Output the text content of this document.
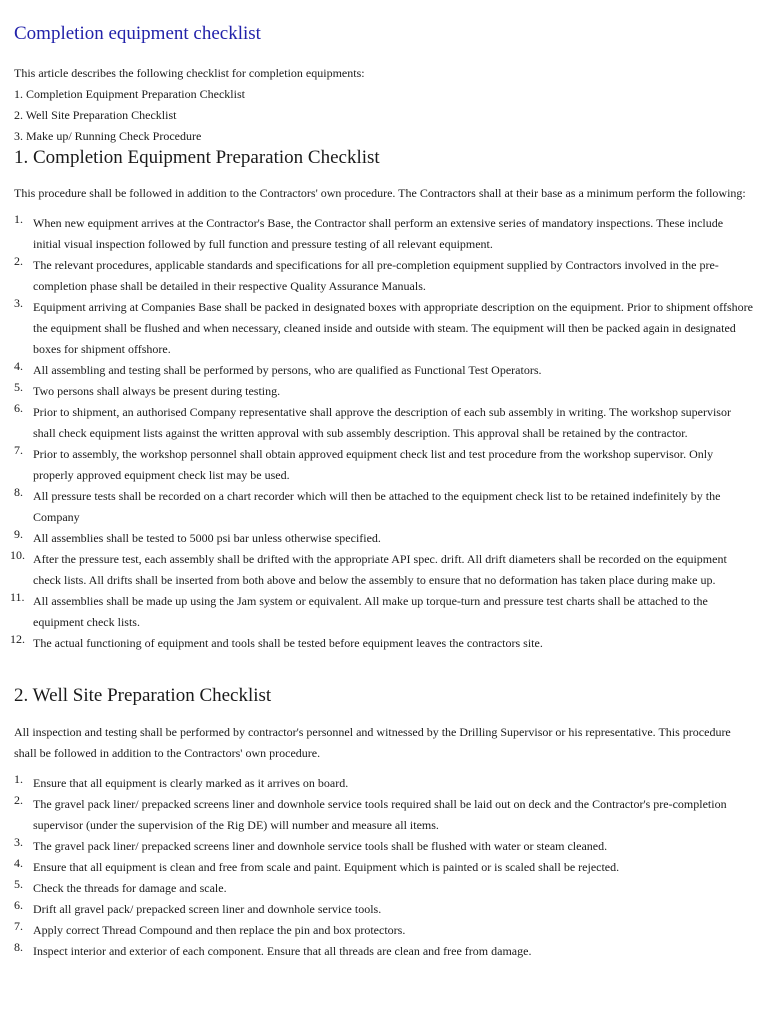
Completion equipment checklist

This article describes the following checklist for completion equipments:

1. Completion Equipment Preparation Checklist

2. Well Site Preparation Checklist

3. Make up/ Running Check Procedure

1. Completion Equipment Preparation Checklist

This procedure shall be followed in addition to the Contractors' own procedure. The Contractors shall at their base as a minimum perform the following:

1. When new equipment arrives at the Contractor's Base, the Contractor shall perform an extensive series of mandatory inspections. These include initial visual inspection followed by full function and pressure testing of all relevant equipment.
2. The relevant procedures, applicable standards and specifications for all pre-completion equipment supplied by Contractors involved in the pre-completion phase shall be detailed in their respective Quality Assurance Manuals.
3. Equipment arriving at Companies Base shall be packed in designated boxes with appropriate description on the equipment. Prior to shipment offshore the equipment shall be flushed and when necessary, cleaned inside and outside with steam. The equipment will then be packed again in designated boxes for shipment offshore.
4. All assembling and testing shall be performed by persons, who are qualified as Functional Test Operators.
5. Two persons shall always be present during testing.
6. Prior to shipment, an authorised Company representative shall approve the description of each sub assembly in writing. The workshop supervisor shall check equipment lists against the written approval with sub assembly description. This approval shall be retained by the contractor.
7. Prior to assembly, the workshop personnel shall obtain approved equipment check list and test procedure from the workshop supervisor. Only properly approved equipment check list may be used.
8. All pressure tests shall be recorded on a chart recorder which will then be attached to the equipment check list to be retained indefinitely by the Company
9. All assemblies shall be tested to 5000 psi bar unless otherwise specified.
10. After the pressure test, each assembly shall be drifted with the appropriate API spec. drift. All drift diameters shall be recorded on the equipment check lists. All drifts shall be inserted from both above and below the assembly to ensure that no deformation has taken place during make up.
11. All assemblies shall be made up using the Jam system or equivalent. All make up torque-turn and pressure test charts shall be attached to the equipment check lists.
12. The actual functioning of equipment and tools shall be tested before equipment leaves the contractors site.
2. Well Site Preparation Checklist

All inspection and testing shall be performed by contractor's personnel and witnessed by the Drilling Supervisor or his representative. This procedure shall be followed in addition to the Contractors' own procedure.

1. Ensure that all equipment is clearly marked as it arrives on board.
2. The gravel pack liner/ prepacked screens liner and downhole service tools required shall be laid out on deck and the Contractor's pre-completion supervisor (under the supervision of the Rig DE) will number and measure all items.
3. The gravel pack liner/ prepacked screens liner and downhole service tools shall be flushed with water or steam cleaned.
4. Ensure that all equipment is clean and free from scale and paint. Equipment which is painted or is scaled shall be rejected.
5. Check the threads for damage and scale.
6. Drift all gravel pack/ prepacked screen liner and downhole service tools.
7. Apply correct Thread Compound and then replace the pin and box protectors.
8. Inspect interior and exterior of each component. Ensure that all threads are clean and free from damage.
